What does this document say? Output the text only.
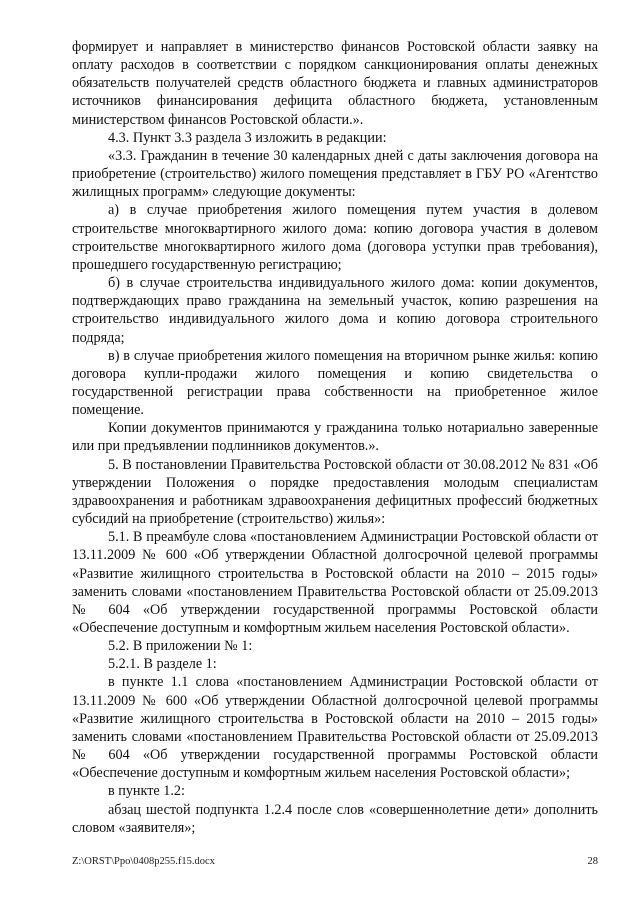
формирует и направляет в министерство финансов Ростовской области заявку на оплату расходов в соответствии с порядком санкционирования оплаты денежных обязательств получателей средств областного бюджета и главных администраторов источников финансирования дефицита областного бюджета, установленным министерством финансов Ростовской области.».

4.3. Пункт 3.3 раздела 3 изложить в редакции:

«3.3. Гражданин в течение 30 календарных дней с даты заключения договора на приобретение (строительство) жилого помещения представляет в ГБУ РО «Агентство жилищных программ» следующие документы:

а) в случае приобретения жилого помещения путем участия в долевом строительстве многоквартирного жилого дома: копию договора участия в долевом строительстве многоквартирного жилого дома (договора уступки прав требования), прошедшего государственную регистрацию;

б) в случае строительства индивидуального жилого дома: копии документов, подтверждающих право гражданина на земельный участок, копию разрешения на строительство индивидуального жилого дома и копию договора строительного подряда;

в) в случае приобретения жилого помещения на вторичном рынке жилья: копию договора купли-продажи жилого помещения и копию свидетельства о государственной регистрации права собственности на приобретенное жилое помещение.

Копии документов принимаются у гражданина только нотариально заверенные или при предъявлении подлинников документов.».

5. В постановлении Правительства Ростовской области от 30.08.2012 № 831 «Об утверждении Положения о порядке предоставления молодым специалистам здравоохранения и работникам здравоохранения дефицитных профессий бюджетных субсидий на приобретение (строительство) жилья»:

5.1. В преамбуле слова «постановлением Администрации Ростовской области от 13.11.2009 № 600 «Об утверждении Областной долгосрочной целевой программы «Развитие жилищного строительства в Ростовской области на 2010 – 2015 годы» заменить словами «постановлением Правительства Ростовской области от 25.09.2013 № 604 «Об утверждении государственной программы Ростовской области «Обеспечение доступным и комфортным жильем населения Ростовской области».

5.2. В приложении № 1:

5.2.1. В разделе 1:

в пункте 1.1 слова «постановлением Администрации Ростовской области от 13.11.2009 № 600 «Об утверждении Областной долгосрочной целевой программы «Развитие жилищного строительства в Ростовской области на 2010 – 2015 годы» заменить словами «постановлением Правительства Ростовской области от 25.09.2013 № 604 «Об утверждении государственной программы Ростовской области «Обеспечение доступным и комфортным жильем населения Ростовской области»;

в пункте 1.2:

абзац шестой подпункта 1.2.4 после слов «совершеннолетние дети» дополнить словом «заявителя»;

Z:\ORST\Ppo\0408p255.f15.docx	28
